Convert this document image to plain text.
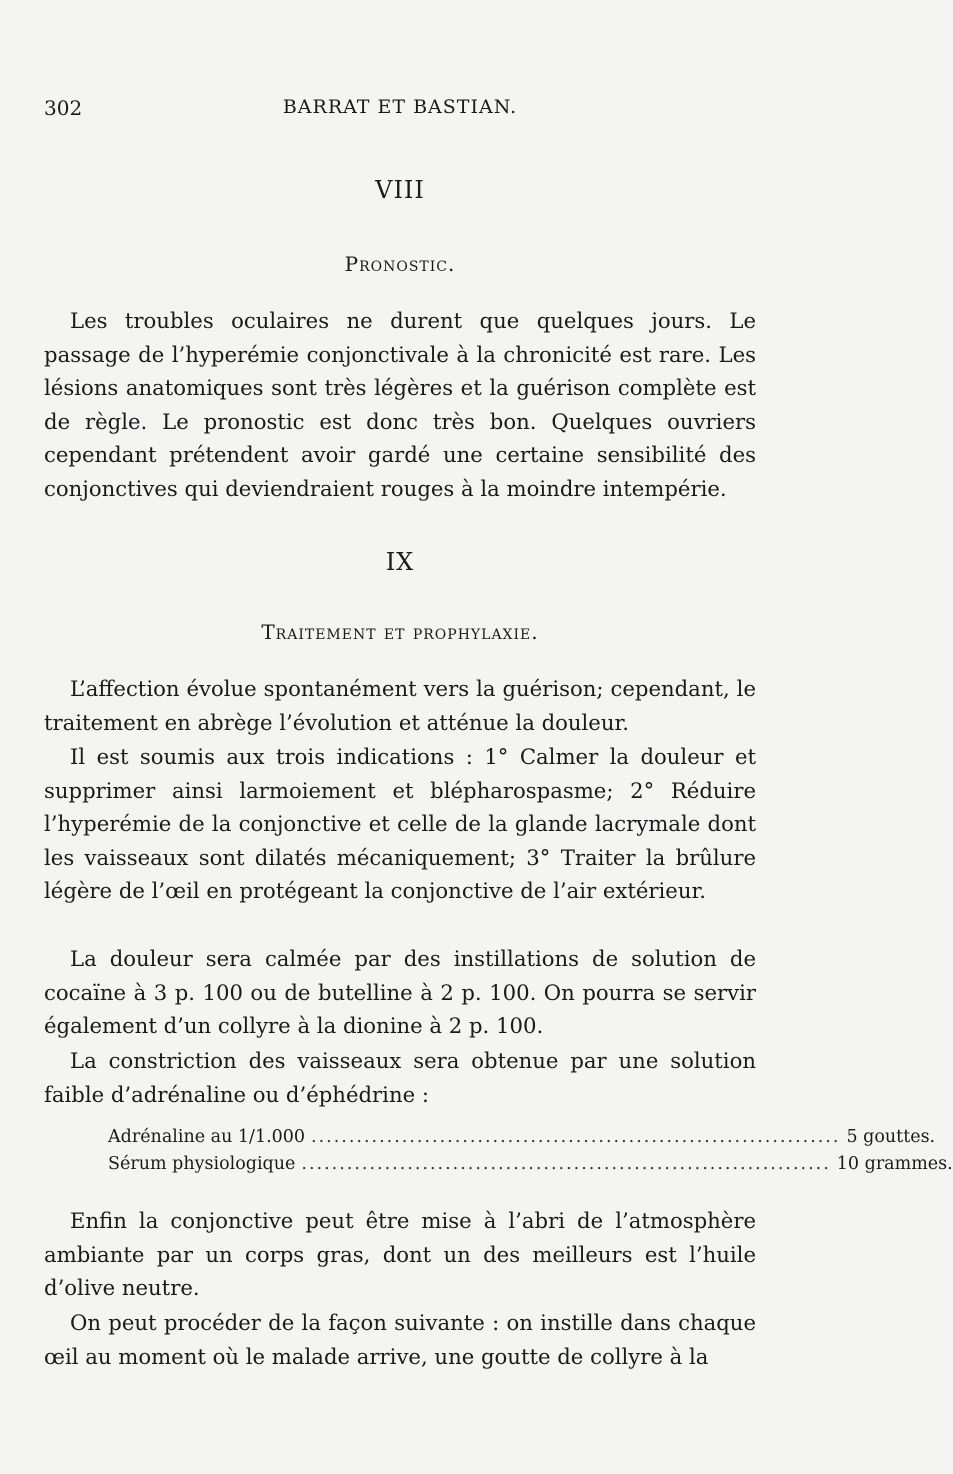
302	BARRAT ET BASTIAN.
VIII
Pronostic.

Les troubles oculaires ne durent que quelques jours. Le passage de l’hyperémie conjonctivale à la chronicité est rare. Les lésions anatomiques sont très légères et la guérison complète est de règle. Le pronostic est donc très bon. Quelques ouvriers cependant prétendent avoir gardé une certaine sensibilité des conjonctives qui deviendraient rouges à la moindre intempérie.

IX
Traitement et prophylaxie.

L’affection évolue spontanément vers la guérison; cependant, le traitement en abrège l’évolution et atténue la douleur.

Il est soumis aux trois indications : 1° Calmer la douleur et supprimer ainsi larmoiement et blépharospasme; 2° Réduire l’hyperémie de la conjonctive et celle de la glande lacrymale dont les vaisseaux sont dilatés mécaniquement; 3° Traiter la brûlure légère de l’œil en protégeant la conjonctive de l’air extérieur.

La douleur sera calmée par des instillations de solution de cocaïne à 3 p. 100 ou de butelline à 2 p. 100. On pourra se servir également d’un collyre à la dionine à 2 p. 100.

La constriction des vaisseaux sera obtenue par une solution faible d’adrénaline ou d’éphédrine :

Adrénaline au 1/1.000 ...................................................................... 5 gouttes.
Sérum physiologique ...................................................................... 10 grammes.

Enfin la conjonctive peut être mise à l’abri de l’atmosphère ambiante par un corps gras, dont un des meilleurs est l’huile d’olive neutre.

On peut procéder de la façon suivante : on instille dans chaque œil au moment où le malade arrive, une goutte de collyre à la
